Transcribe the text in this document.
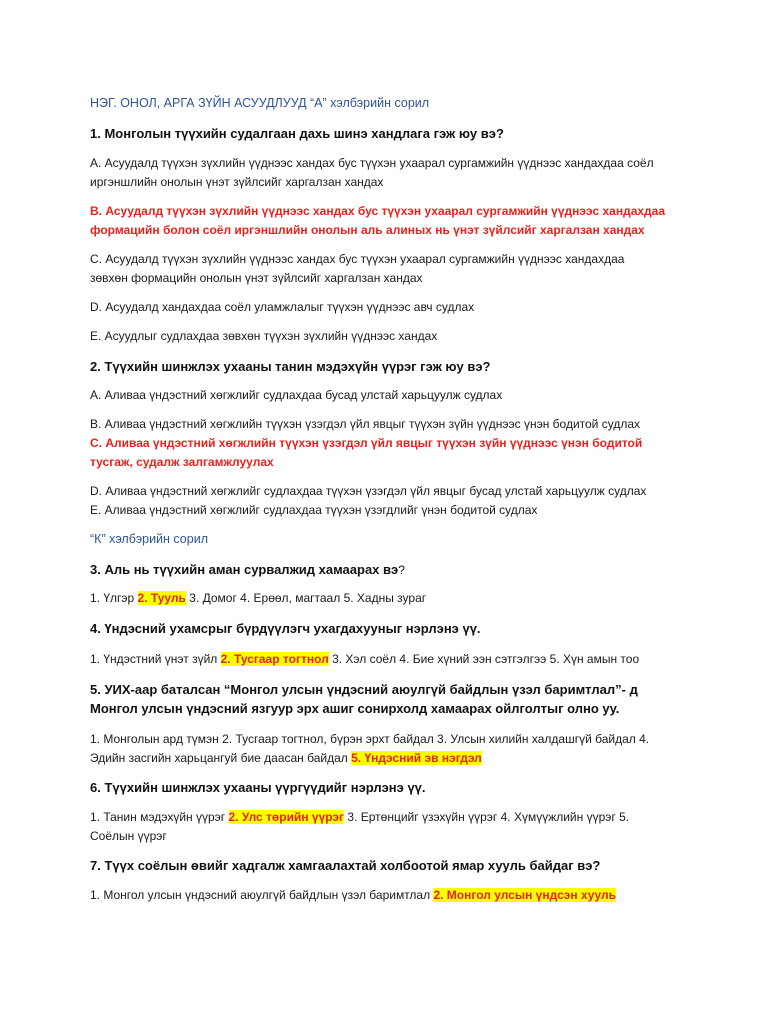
НЭГ. ОНОЛ, АРГА ЗҮЙН АСУУДЛУУД “А” хэлбэрийн сорил
1. Монголын түүхийн судалгаан дахь шинэ хандлага гэж юу вэ?
А. Асуудалд түүхэн зүхлийн үүднээс хандах бус түүхэн ухаарал сургамжийн үүднээс хандахдаа соёл
иргэншлийн онолын үнэт зүйлсийг харгалзан хандах
В. Асуудалд түүхэн зүхлийн үүднээс хандах бус түүхэн ухаарал сургамжийн үүднээс хандахдаа
формацийн болон соёл иргэншлийн онолын аль алиных нь үнэт зүйлсийг харгалзан хандах
С. Асуудалд түүхэн зүхлийн үүднээс хандах бус түүхэн ухаарал сургамжийн үүднээс хандахдаа
зөвхөн формацийн онолын үнэт зүйлсийг харгалзан хандах
D. Асуудалд хандахдаа соёл уламжлалыг түүхэн үүднээс авч судлах
Е. Асуудлыг судлахдаа зөвхөн түүхэн зүхлийн үүднээс хандах
2. Түүхийн шинжлэх ухааны танин мэдэхүйн үүрэг гэж юу вэ?
А. Аливаа үндэстний хөгжлийг судлахдаа бусад улстай харьцуулж судлах
В. Аливаа үндэстний хөгжлийн түүхэн үзэгдэл үйл явцыг түүхэн зүйн үүднээс үнэн бодитой судлах
С. Аливаа үндэстний хөгжлийн түүхэн үзэгдэл үйл явцыг түүхэн зүйн үүднээс үнэн бодитой
тусгаж, судалж залгамжлуулах
D. Аливаа үндэстний хөгжлийг судлахдаа түүхэн үзэгдэл үйл явцыг бусад улстай харьцуулж судлах
Е. Аливаа үндэстний хөгжлийг судлахдаа түүхэн үзэгдлийг үнэн бодитой судлах
“К” хэлбэрийн сорил
3. Аль нь түүхийн аман сурвалжид хамаарах вэ?
1. Үлгэр 2. Тууль 3. Домог 4. Ерөөл, магтаал 5. Хадны зураг
4. Үндэсний ухамсрыг бүрдүүлэгч ухагдахууныг нэрлэнэ үү.
1. Үндэстний үнэт зүйл 2. Тусгаар тогтнол 3. Хэл соёл 4. Бие хүний ээн сэтгэлгээ 5. Хүн амын тоо
5. УИХ-аар баталсан “Монгол улсын үндэсний аюулгүй байдлын үзэл баримтлал”- д
Монгол улсын үндэсний язгуур эрх ашиг сонирхолд хамаарах ойлголтыг олно уу.
1. Монголын ард түмэн 2. Тусгаар тогтнол, бүрэн эрхт байдал 3. Улсын хилийн халдашгүй байдал 4.
Эдийн засгийн харьцангуй бие даасан байдал 5. Үндэсний эв нэгдэл
6. Түүхийн шинжлэх ухааны үүргүүдийг нэрлэнэ үү.
1. Танин мэдэхүйн үүрэг 2. Улс төрийн үүрэг 3. Ертөнцийг үзэхүйн үүрэг 4. Хүмүүжлийн үүрэг 5.
Соёлын үүрэг
7. Түүх соёлын өвийг хадгалж хамгаалахтай холбоотой ямар хууль байдаг вэ?
1. Монгол улсын үндэсний аюулгүй байдлын үзэл баримтлал 2. Монгол улсын үндсэн хууль
